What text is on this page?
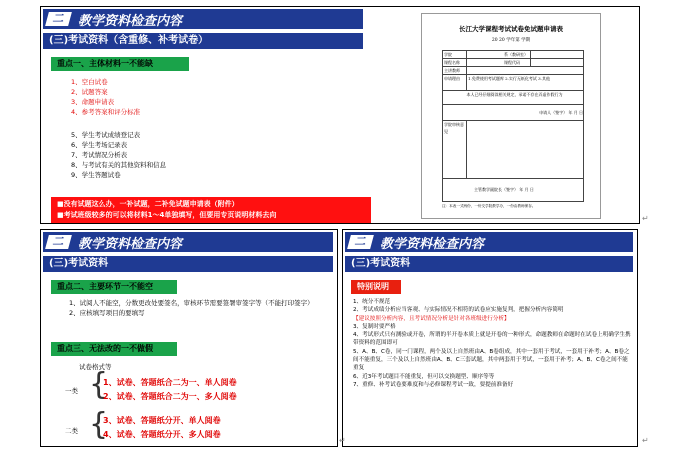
二 教学资料检查内容
(三)考试资料（含重修、补考试卷）
重点一、主体材料一不能缺
1、空白试卷
2、试题答案
3、命题申请表
4、参考答案和评分标准
5、学生考试成绩登记表
6、学生考场记录表
7、考试情况分析表
8、与考试有关的其他资料和信息
9、学生答题试卷
■没有试题这么办，一补试题，二补免试题申请表（附件）
■考试班级较多的可以将材料1～4单独填写，但要用专页说明材料去向
长江大学课程考试试卷免试题申请表
20 20 学年第 学期
学院	系（教研室）
课程名称	课程代码
主讲教师
申请理由	1.免费使用考试题库 2.实行无纸化考试 3.其他
本人已经仔细阅读相关规定，承诺不存在弄虚作假行为
申请人（签字） 年 月 日
学院审核意见
主管教学副院长（签字） 年 月 日
注：本表一式两份，一份交学院教学办，一份由教师保存。
↵
二 教学资料检查内容
(三)考试资料
重点二、主要环节一不能空
1、试阅人不能空，分数更改处要签名，审核环节需要签署审签字等（不能打印签字）
2、应核填写项目的要填写
重点三、无法改的一不做假
试卷格式等
一类 {
1、试卷、答题纸合二为一、单人阅卷
2、试卷、答题纸合二为一、多人阅卷
二类 {
3、试卷、答题纸分开、单人阅卷
4、试卷、答题纸分开、多人阅卷
二 教学资料检查内容
(三)考试资料
特别说明
1、统分不规范
2、考试成绩分析应当客观、与实际情况不相符的试卷应实施复判，把握分析内容简明
【建议按照分析内容，且考试情况分析是针对各班级进行分析】
3、复制时要严格
4、考试形式只有测验或开卷，所谓的半开卷本质上就是开卷的一种形式，命题教师在命题时在试卷上明确学生携带资料的范围即可
5、A、B、C卷，同一门课程，两个及以上自然班由A、B卷组成，其中一套用于考试，一套用于补考；A、B卷之间不能重复，三个及以上自然班由A、B、C三套试题，其中两套用于考试，一套用于补考；A、B、C卷之间不能重复
6、近3年考试题目不能重复，但可以交换题型、顺序等等
7、重修、补考试卷要难度和与必修课程考试一致，要提前准备好
↵
↵
